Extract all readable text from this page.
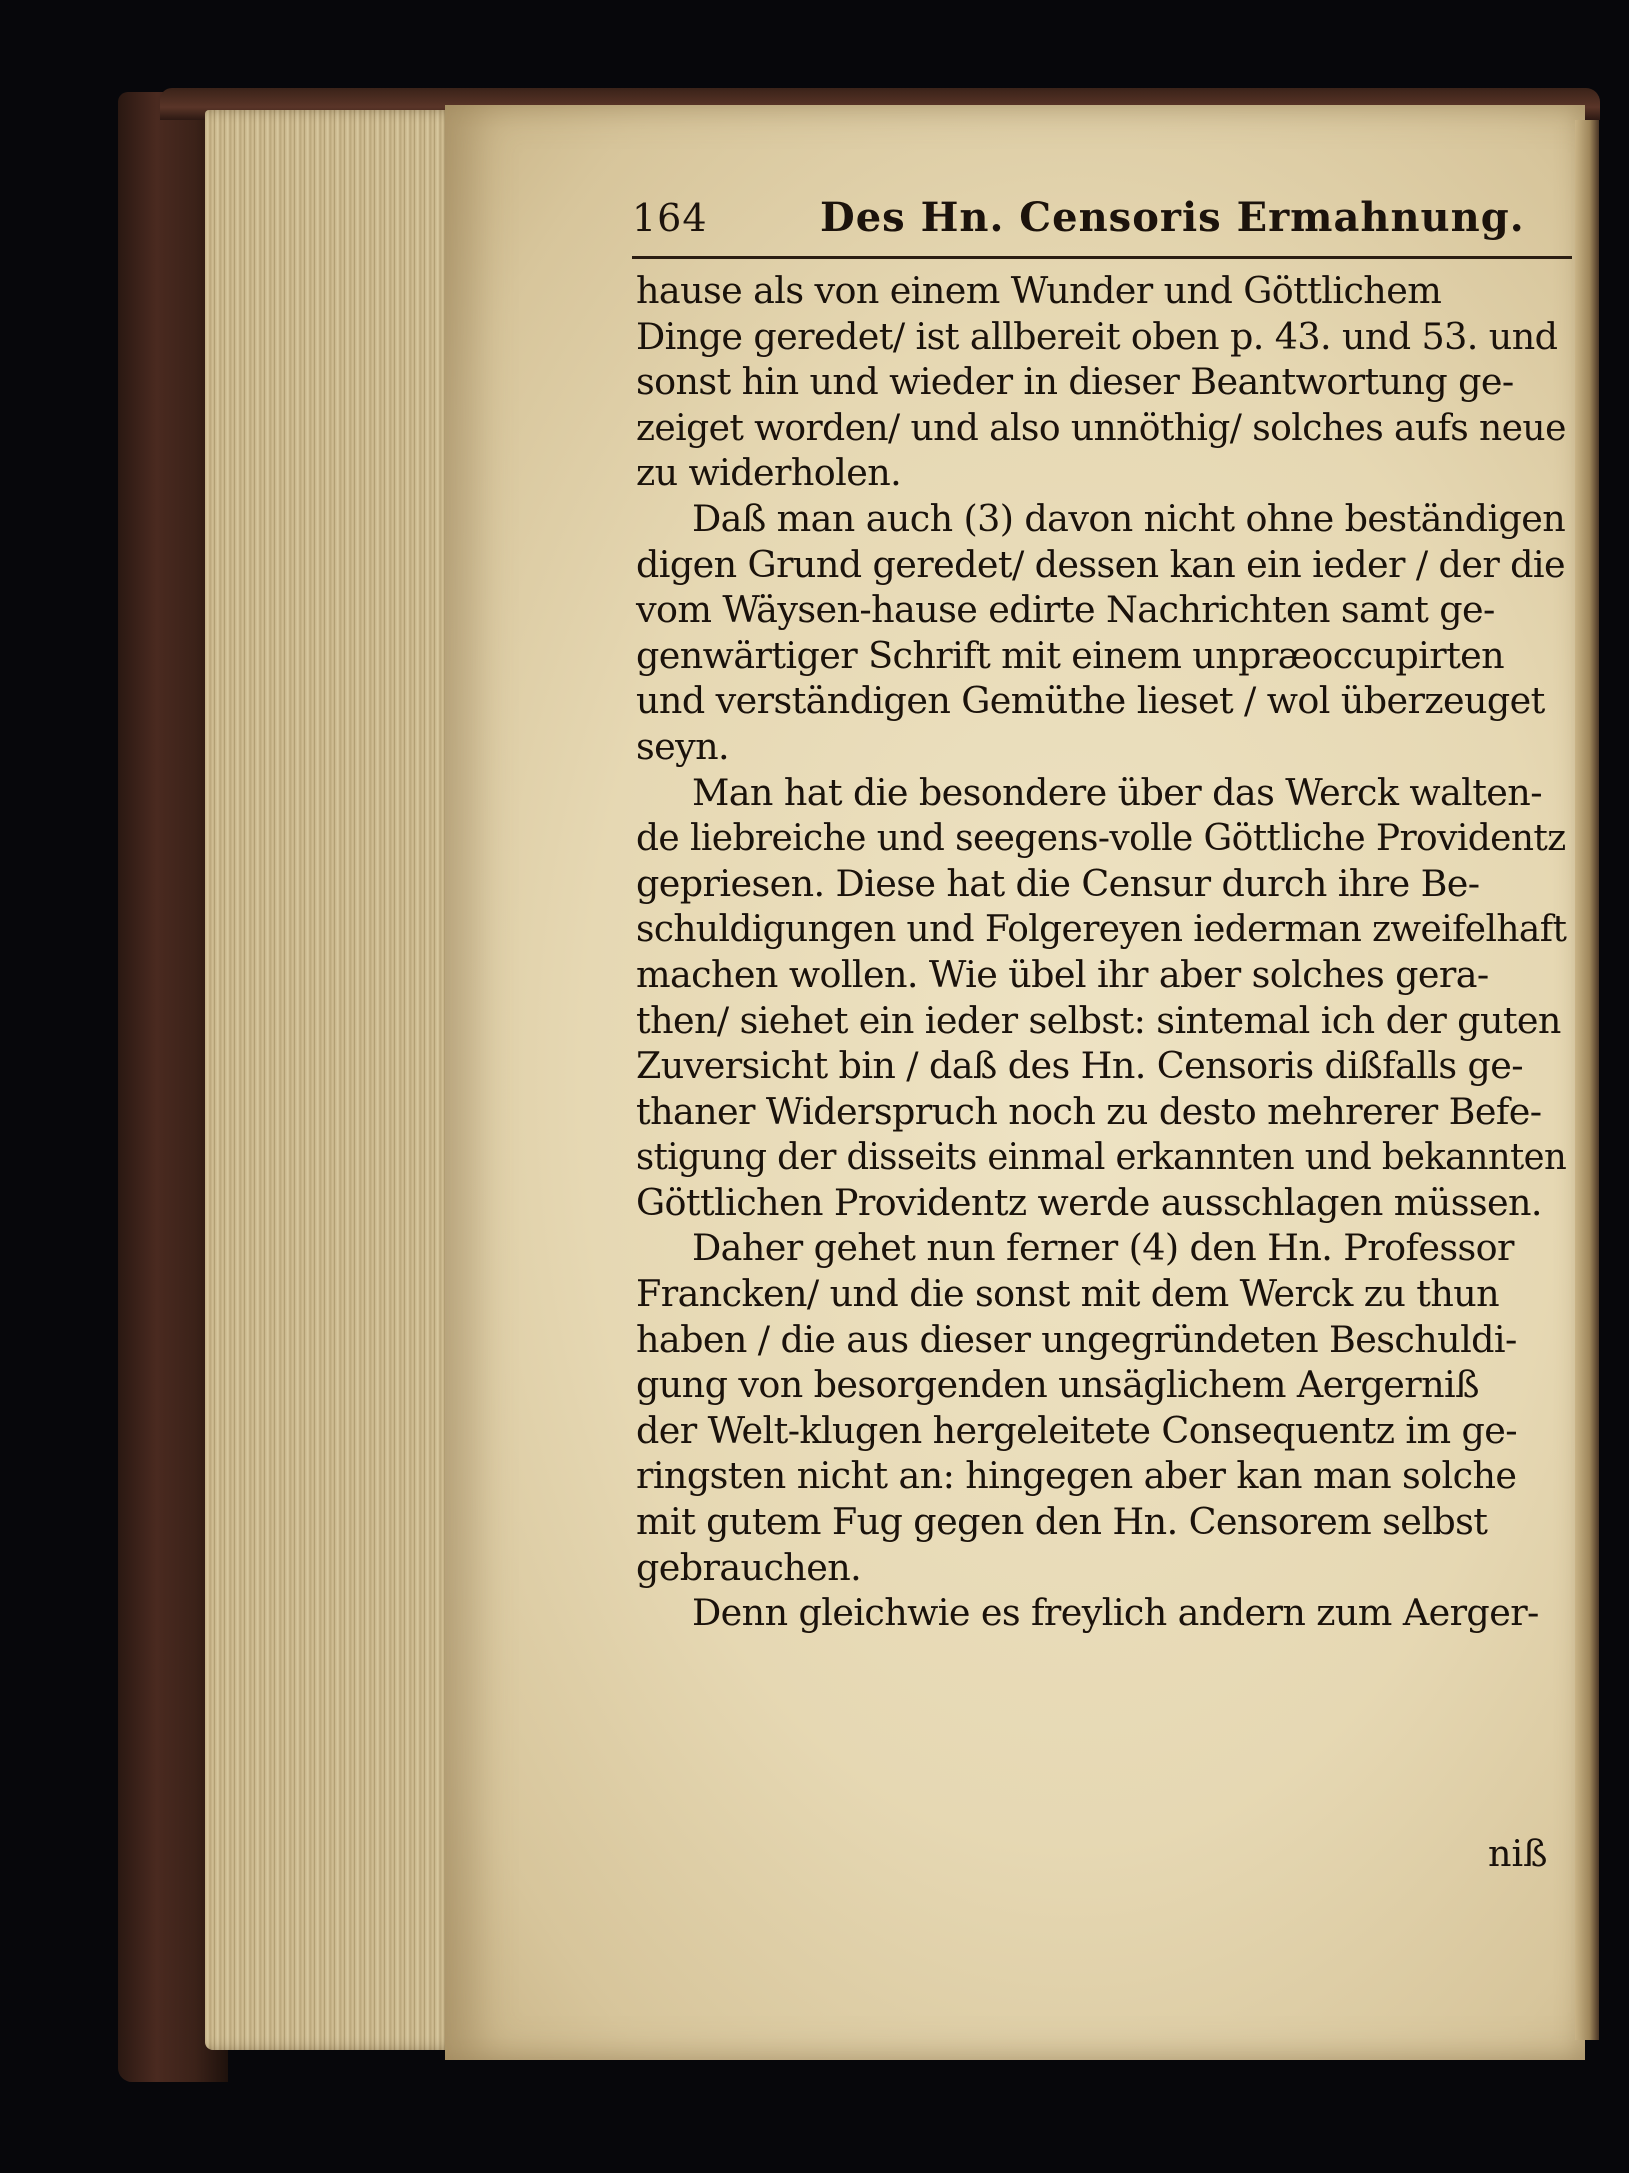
164	Des Hn. Censoris Ermahnung.
hause als von einem Wunder und Göttlichem
Dinge geredet/ ist allbereit oben p. 43. und 53. und
sonst hin und wieder in dieser Beantwortung ge-
zeiget worden/ und also unnöthig/ solches aufs neue
zu widerholen.
Daß man auch (3) davon nicht ohne beständigen
digen Grund geredet/ dessen kan ein ieder / der die
vom Wäysen-hause edirte Nachrichten samt ge-
genwärtiger Schrift mit einem unpræoccupirten
und verständigen Gemüthe lieset / wol überzeuget
seyn.
Man hat die besondere über das Werck walten-
de liebreiche und seegens-volle Göttliche Providentz
gepriesen. Diese hat die Censur durch ihre Be-
schuldigungen und Folgereyen iederman zweifelhaft
machen wollen. Wie übel ihr aber solches gera-
then/ siehet ein ieder selbst: sintemal ich der guten
Zuversicht bin / daß des Hn. Censoris dißfalls ge-
thaner Widerspruch noch zu desto mehrerer Befe-
stigung der disseits einmal erkannten und bekannten
Göttlichen Providentz werde ausschlagen müssen.
Daher gehet nun ferner (4) den Hn. Professor
Francken/ und die sonst mit dem Werck zu thun
haben / die aus dieser ungegründeten Beschuldi-
gung von besorgenden unsäglichem Aergerniß
der Welt-klugen hergeleitete Consequentz im ge-
ringsten nicht an: hingegen aber kan man solche
mit gutem Fug gegen den Hn. Censorem selbst
gebrauchen.
Denn gleichwie es freylich andern zum Aerger-
niß
